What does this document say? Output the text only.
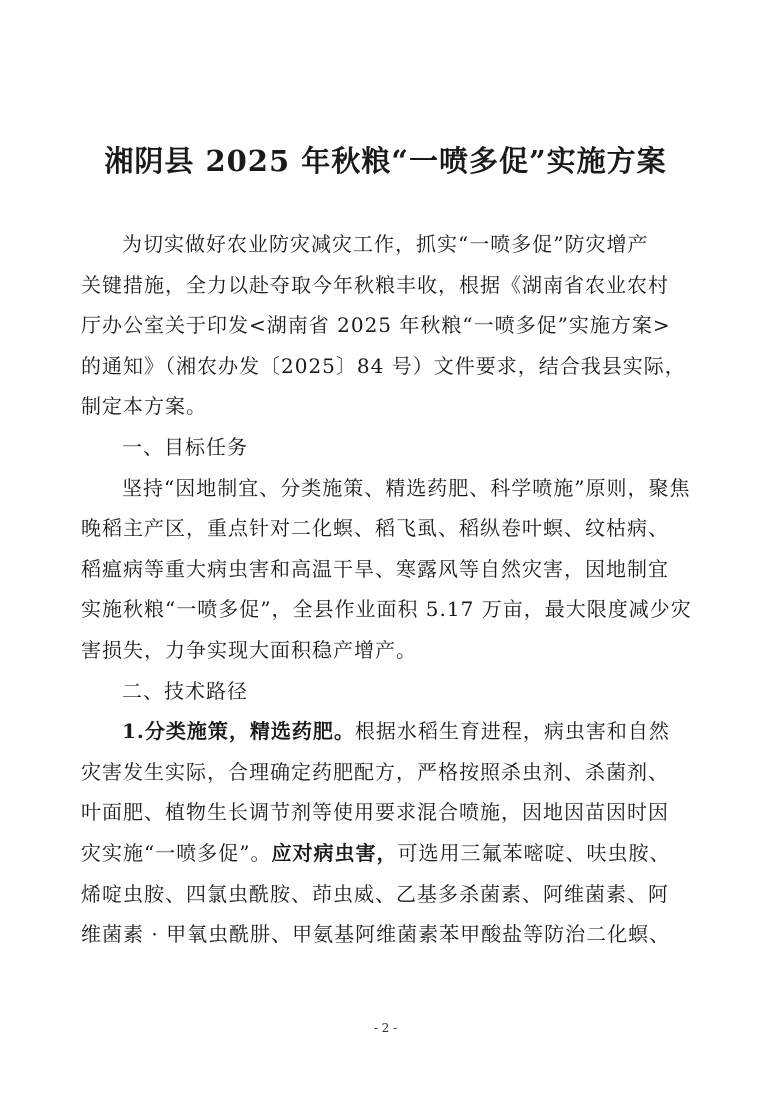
湘阴县 2025 年秋粮“一喷多促”实施方案

为切实做好农业防灾减灾工作，抓实“一喷多促”防灾增产
关键措施，全力以赴夺取今年秋粮丰收，根据《湖南省农业农村
厅办公室关于印发<湖南省 2025 年秋粮“一喷多促”实施方案>
的通知》（湘农办发〔2025〕84 号）文件要求，结合我县实际，
制定本方案。

一、目标任务

坚持“因地制宜、分类施策、精选药肥、科学喷施”原则，聚焦
晚稻主产区，重点针对二化螟、稻飞虱、稻纵卷叶螟、纹枯病、
稻瘟病等重大病虫害和高温干旱、寒露风等自然灾害，因地制宜
实施秋粮“一喷多促”，全县作业面积 5.17 万亩，最大限度减少灾
害损失，力争实现大面积稳产增产。

二、技术路径

1.分类施策，精选药肥。根据水稻生育进程，病虫害和自然
灾害发生实际，合理确定药肥配方，严格按照杀虫剂、杀菌剂、
叶面肥、植物生长调节剂等使用要求混合喷施，因地因苗因时因
灾实施“一喷多促”。应对病虫害，可选用三氟苯嘧啶、呋虫胺、
烯啶虫胺、四氯虫酰胺、茚虫威、乙基多杀菌素、阿维菌素、阿
维菌素 · 甲氧虫酰肼、甲氨基阿维菌素苯甲酸盐等防治二化螟、

- 2 -
